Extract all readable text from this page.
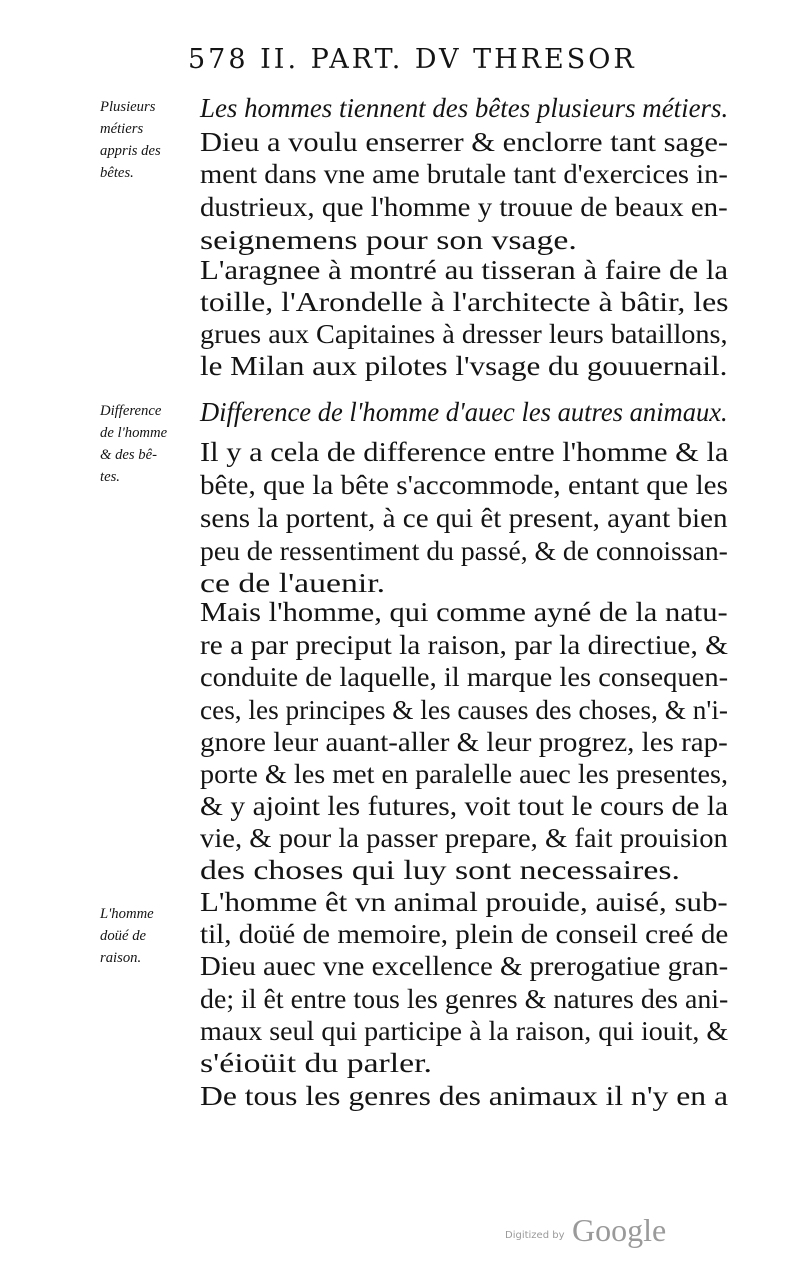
578 II. PART. DV THRESOR
Plusieurs
métiers
appris des
bêtes.
Difference
de l'homme
& des bê-
tes.
L'homme
doüé de
raison.
Les hommes tiennent des bêtes plusieurs métiers.
Dieu a voulu enserrer & enclorre tant sage-
ment dans vne ame brutale tant d'exercices in-
dustrieux, que l'homme y trouue de beaux en-
seignemens pour son vsage.
L'aragnee à montré au tisseran à faire de la
toille, l'Arondelle à l'architecte à bâtir, les
grues aux Capitaines à dresser leurs bataillons,
le Milan aux pilotes l'vsage du gouuernail.
Difference de l'homme d'auec les autres animaux.
Il y a cela de difference entre l'homme & la
bête, que la bête s'accommode, entant que les
sens la portent, à ce qui êt present, ayant bien
peu de ressentiment du passé, & de connoissan-
ce de l'auenir.
Mais l'homme, qui comme ayné de la natu-
re a par preciput la raison, par la directiue, &
conduite de laquelle, il marque les consequen-
ces, les principes & les causes des choses, & n'i-
gnore leur auant-aller & leur progrez, les rap-
porte & les met en paralelle auec les presentes,
& y ajoint les futures, voit tout le cours de la
vie, & pour la passer prepare, & fait prouision
des choses qui luy sont necessaires.
L'homme êt vn animal prouide, auisé, sub-
til, doüé de memoire, plein de conseil creé de
Dieu auec vne excellence & prerogatiue gran-
de; il êt entre tous les genres & natures des ani-
maux seul qui participe à la raison, qui iouit, &
s'éioüit du parler.
De tous les genres des animaux il n'y en a
Digitized by Google
